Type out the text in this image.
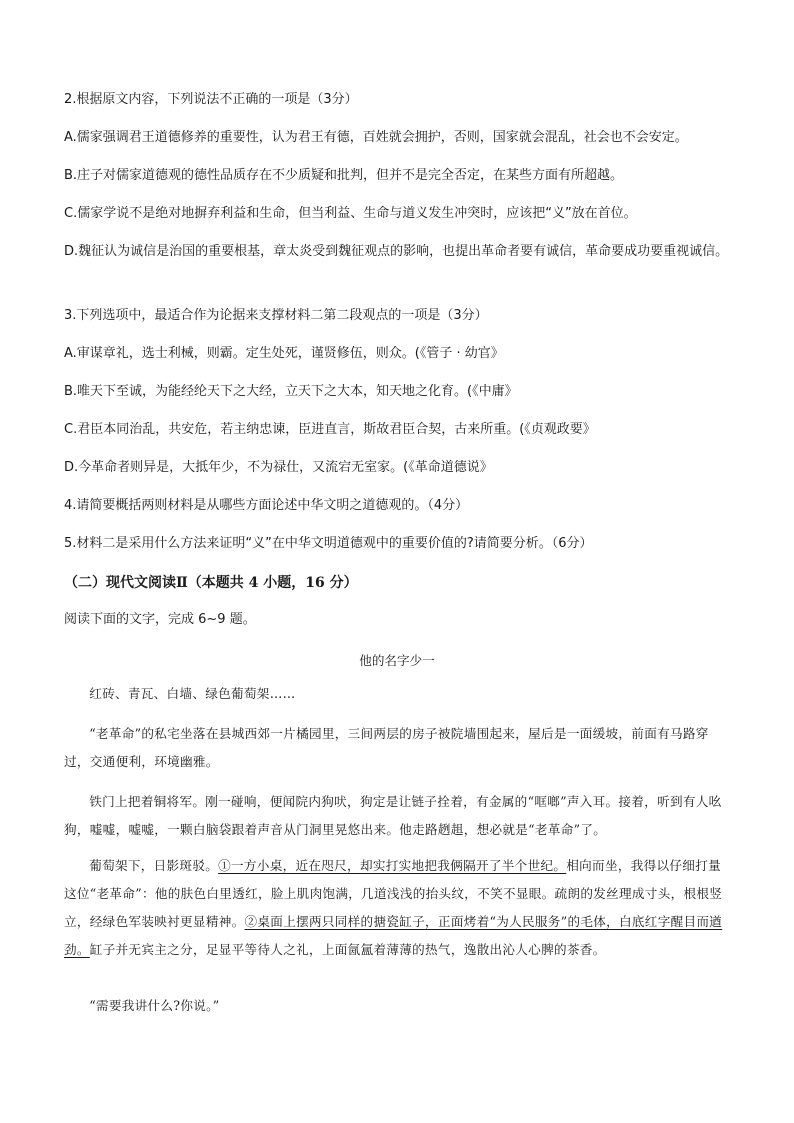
2.根据原文内容，下列说法不正确的一项是（3分）
A.儒家强调君王道德修养的重要性，认为君王有德，百姓就会拥护，否则，国家就会混乱，社会也不会安定。
B.庄子对儒家道德观的德性品质存在不少质疑和批判，但并不是完全否定，在某些方面有所超越。
C.儒家学说不是绝对地摒弃利益和生命，但当利益、生命与道义发生冲突时，应该把“义”放在首位。
D.魏征认为诚信是治国的重要根基，章太炎受到魏征观点的影响，也提出革命者要有诚信，革命要成功要重视诚信。
3.下列选项中，最适合作为论据来支撑材料二第二段观点的一项是（3分）
A.审谋章礼，选士利械，则霸。定生处死，谨贤修伍，则众。(《管子 · 幼官》
B.唯天下至诚，为能经纶天下之大经，立天下之大本，知天地之化育。(《中庸》
C.君臣本同治乱，共安危，若主纳忠谏，臣进直言，斯故君臣合契，古来所重。(《贞观政要》
D.今革命者则异是，大抵年少，不为禄仕，又流宕无室家。(《革命道德说》
4.请简要概括两则材料是从哪些方面论述中华文明之道德观的。（4分）
5.材料二是采用什么方法来证明“义”在中华文明道德观中的重要价值的?请简要分析。（6分）
（二）现代文阅读Ⅱ（本题共 4 小题，16 分）
阅读下面的文字，完成 6~9 题。
他的名字少一
红砖、青瓦、白墙、绿色葡萄架……
“老革命”的私宅坐落在县城西郊一片橘园里，三间两层的房子被院墙围起来，屋后是一面缓坡，前面有马路穿过，交通便利，环境幽雅。
铁门上把着铜将军。刚一碰响，便闻院内狗吠，狗定是让链子拴着，有金属的“哐啷”声入耳。接着，听到有人吆狗，嘘嘘，嘘嘘，一颗白脑袋跟着声音从门洞里晃悠出来。他走路趔趄，想必就是“老革命”了。
葡萄架下，日影斑驳。①一方小桌，近在咫尺，却实打实地把我俩隔开了半个世纪。相向而坐，我得以仔细打量这位“老革命”：他的肤色白里透红，脸上肌肉饱满，几道浅浅的抬头纹，不笑不显眼。疏朗的发丝理成寸头，根根竖立，经绿色军装映衬更显精神。②桌面上摆两只同样的搪瓷缸子，正面烤着“为人民服务”的毛体，白底红字醒目而遒劲。缸子并无宾主之分，足显平等待人之礼，上面氤氲着薄薄的热气，逸散出沁人心脾的茶香。
“需要我讲什么?你说。”
